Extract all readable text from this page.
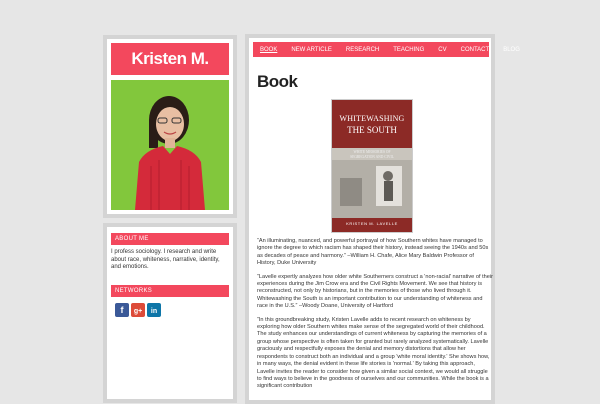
Kristen M.
ABOUT ME
I profess sociology. I research and write about race, whiteness, narrative, identity, and emotions.
NETWORKS
f	g+	in
BOOK	NEW ARTICLE	RESEARCH	TEACHING	CV	CONTACT	BLOG
Book
WHITEWASHING
THE SOUTH
WHITE MEMORIES OF SEGREGATION AND CIVIL
KRISTEN M. LAVELLE

“An illuminating, nuanced, and powerful portrayal of how Southern whites have managed to ignore the degree to which racism has shaped their history, instead seeing the 1940s and 50s as decades of peace and harmony.” –William H. Chafe, Alice Mary Baldwin Professor of History, Duke University

“Lavelle expertly analyzes how older white Southerners construct a 'non-racial' narrative of their experiences during the Jim Crow era and the Civil Rights Movement. We see that history is reconstructed, not only by historians, but in the memories of those who lived through it. Whitewashing the South is an important contribution to our understanding of whiteness and race in the U.S.” –Woody Doane, University of Hartford

“In this groundbreaking study, Kristen Lavelle adds to recent research on whiteness by exploring how older Southern whites make sense of the segregated world of their childhood. The study enhances our understandings of current whiteness by capturing the memories of a group whose perspective is often taken for granted but rarely analyzed systematically. Lavelle graciously and respectfully exposes the denial and memory distortions that allow her respondents to construct both an individual and a group 'white moral identity.' She shows how, in many ways, the denial evident in these life stories is 'normal.' By taking this approach, Lavelle invites the reader to consider how given a similar social context, we would all struggle to find ways to believe in the goodness of ourselves and our communities. While the book is a significant contribution
